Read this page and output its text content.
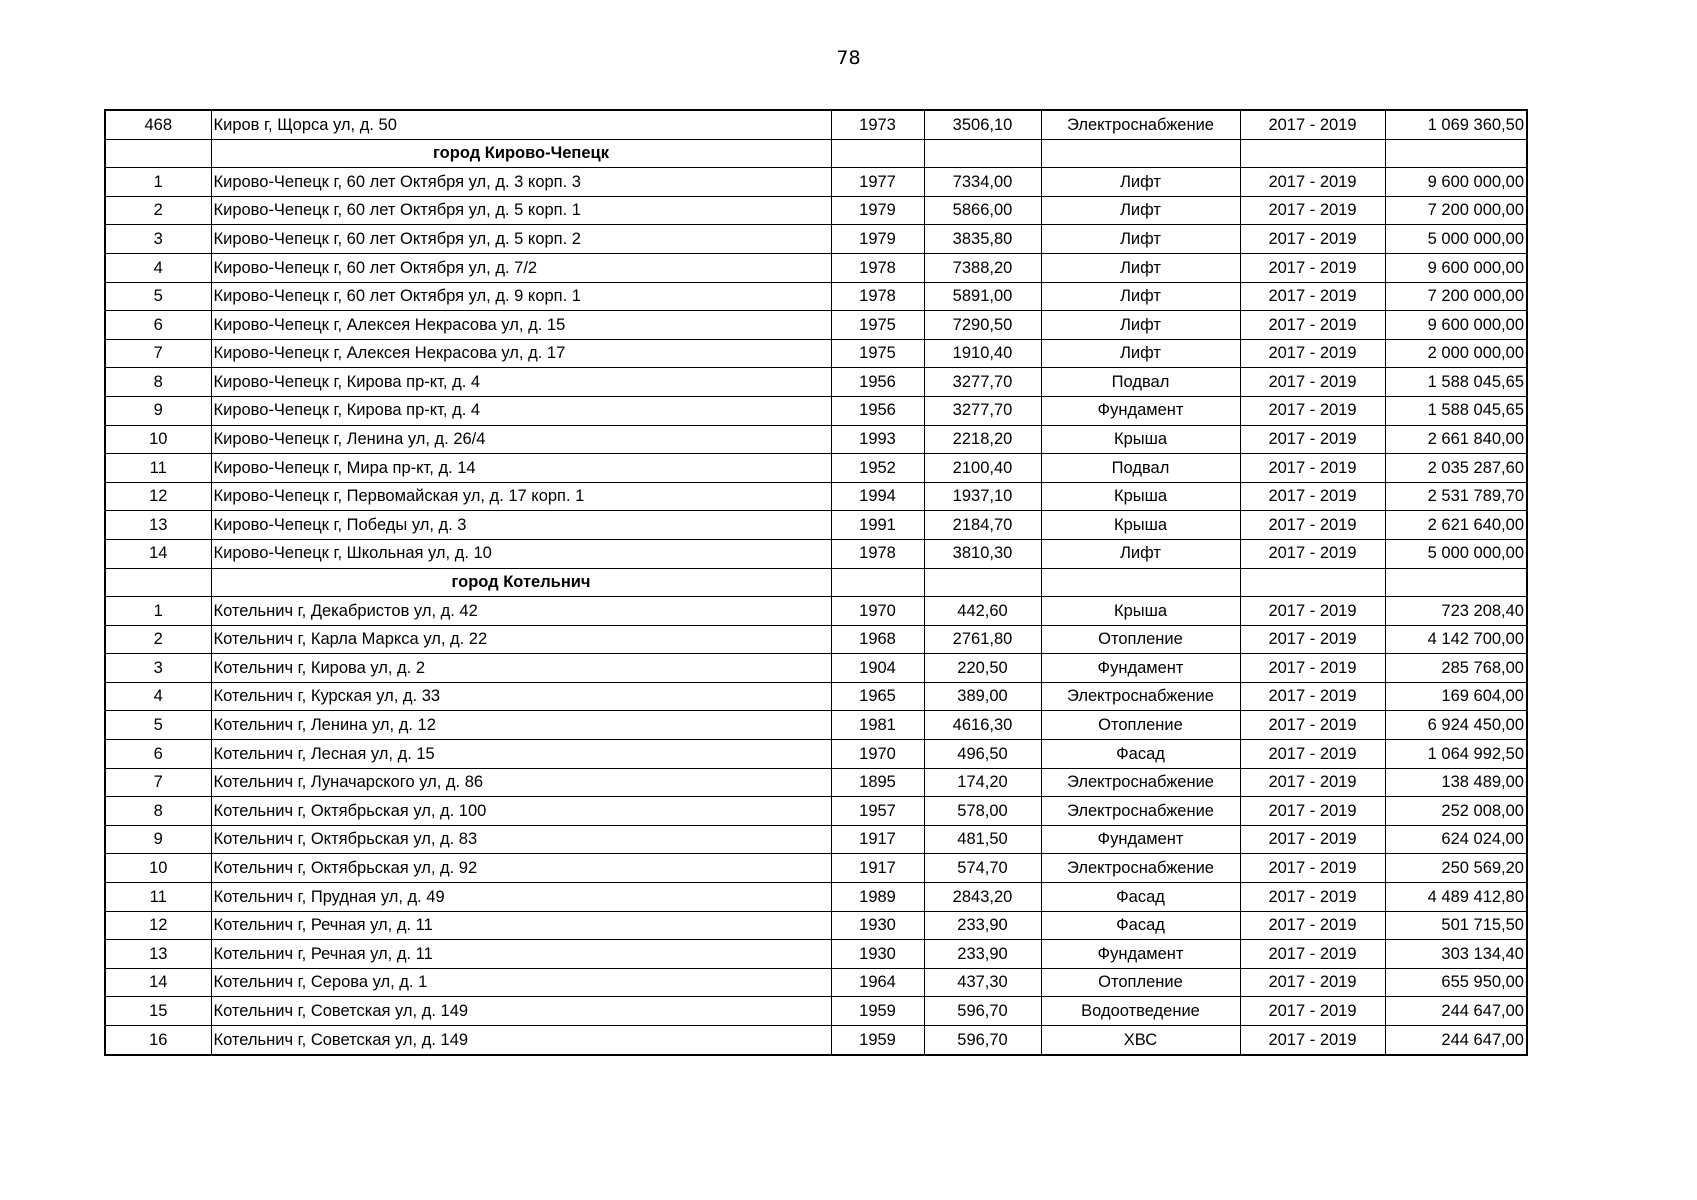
78
468	Киров г, Щорса ул, д. 50	1973	3506,10	Электроснабжение	2017 - 2019	1 069 360,50
	город Кирово-Чепецк					
1	Кирово-Чепецк г, 60 лет Октября ул, д. 3 корп. 3	1977	7334,00	Лифт	2017 - 2019	9 600 000,00
2	Кирово-Чепецк г, 60 лет Октября ул, д. 5 корп. 1	1979	5866,00	Лифт	2017 - 2019	7 200 000,00
3	Кирово-Чепецк г, 60 лет Октября ул, д. 5 корп. 2	1979	3835,80	Лифт	2017 - 2019	5 000 000,00
4	Кирово-Чепецк г, 60 лет Октября ул, д. 7/2	1978	7388,20	Лифт	2017 - 2019	9 600 000,00
5	Кирово-Чепецк г, 60 лет Октября ул, д. 9 корп. 1	1978	5891,00	Лифт	2017 - 2019	7 200 000,00
6	Кирово-Чепецк г, Алексея Некрасова ул, д. 15	1975	7290,50	Лифт	2017 - 2019	9 600 000,00
7	Кирово-Чепецк г, Алексея Некрасова ул, д. 17	1975	1910,40	Лифт	2017 - 2019	2 000 000,00
8	Кирово-Чепецк г, Кирова пр-кт, д. 4	1956	3277,70	Подвал	2017 - 2019	1 588 045,65
9	Кирово-Чепецк г, Кирова пр-кт, д. 4	1956	3277,70	Фундамент	2017 - 2019	1 588 045,65
10	Кирово-Чепецк г, Ленина ул, д. 26/4	1993	2218,20	Крыша	2017 - 2019	2 661 840,00
11	Кирово-Чепецк г, Мира пр-кт, д. 14	1952	2100,40	Подвал	2017 - 2019	2 035 287,60
12	Кирово-Чепецк г, Первомайская ул, д. 17 корп. 1	1994	1937,10	Крыша	2017 - 2019	2 531 789,70
13	Кирово-Чепецк г, Победы ул, д. 3	1991	2184,70	Крыша	2017 - 2019	2 621 640,00
14	Кирово-Чепецк г, Школьная ул, д. 10	1978	3810,30	Лифт	2017 - 2019	5 000 000,00
	город Котельнич					
1	Котельнич г, Декабристов ул, д. 42	1970	442,60	Крыша	2017 - 2019	723 208,40
2	Котельнич г, Карла Маркса ул, д. 22	1968	2761,80	Отопление	2017 - 2019	4 142 700,00
3	Котельнич г, Кирова ул, д. 2	1904	220,50	Фундамент	2017 - 2019	285 768,00
4	Котельнич г, Курская ул, д. 33	1965	389,00	Электроснабжение	2017 - 2019	169 604,00
5	Котельнич г, Ленина ул, д. 12	1981	4616,30	Отопление	2017 - 2019	6 924 450,00
6	Котельнич г, Лесная ул, д. 15	1970	496,50	Фасад	2017 - 2019	1 064 992,50
7	Котельнич г, Луначарского ул, д. 86	1895	174,20	Электроснабжение	2017 - 2019	138 489,00
8	Котельнич г, Октябрьская ул, д. 100	1957	578,00	Электроснабжение	2017 - 2019	252 008,00
9	Котельнич г, Октябрьская ул, д. 83	1917	481,50	Фундамент	2017 - 2019	624 024,00
10	Котельнич г, Октябрьская ул, д. 92	1917	574,70	Электроснабжение	2017 - 2019	250 569,20
11	Котельнич г, Прудная ул, д. 49	1989	2843,20	Фасад	2017 - 2019	4 489 412,80
12	Котельнич г, Речная ул, д. 11	1930	233,90	Фасад	2017 - 2019	501 715,50
13	Котельнич г, Речная ул, д. 11	1930	233,90	Фундамент	2017 - 2019	303 134,40
14	Котельнич г, Серова ул, д. 1	1964	437,30	Отопление	2017 - 2019	655 950,00
15	Котельнич г, Советская ул, д. 149	1959	596,70	Водоотведение	2017 - 2019	244 647,00
16	Котельнич г, Советская ул, д. 149	1959	596,70	ХВС	2017 - 2019	244 647,00
